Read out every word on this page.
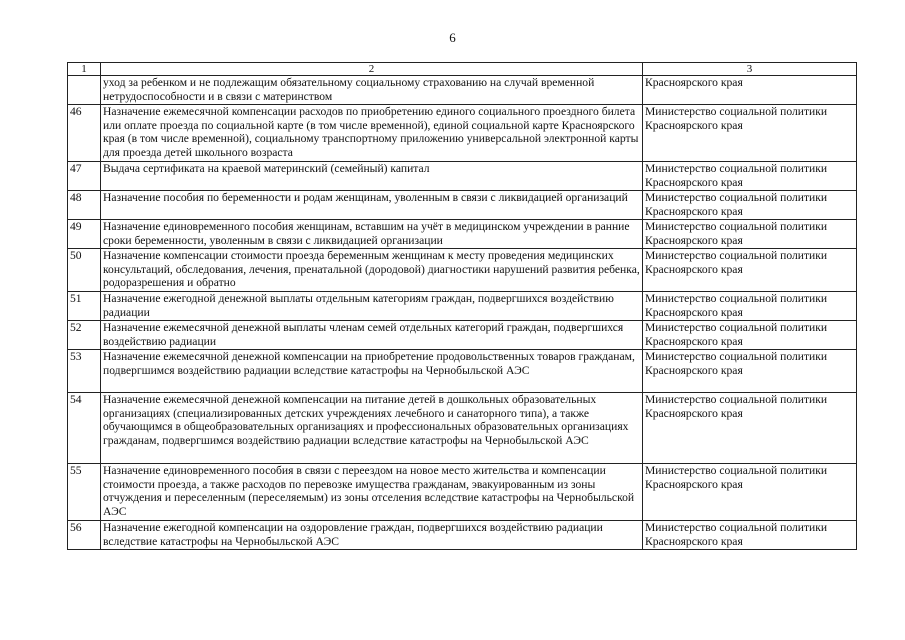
6
1	2	3
	уход за ребенком и не подлежащим обязательному социальному страхованию на случай временной нетрудоспособности и в связи с материнством	Красноярского края
46	Назначение ежемесячной компенсации расходов по приобретению единого социального проездного билета или оплате проезда по социальной карте (в том числе временной), единой социальной карте Красноярского края (в том числе временной), социальному транспортному приложению универсальной электронной карты для проезда детей школьного возраста	Министерство социальной политики Красноярского края
47	Выдача сертификата на краевой материнский (семейный) капитал	Министерство социальной политики Красноярского края
48	Назначение пособия по беременности и родам женщинам, уволенным в связи с ликвидацией организаций	Министерство социальной политики Красноярского края
49	Назначение единовременного пособия женщинам, вставшим на учёт в медицинском учреждении в ранние сроки беременности, уволенным в связи с ликвидацией организации	Министерство социальной политики Красноярского края
50	Назначение компенсации стоимости проезда беременным женщинам к месту проведения медицинских консультаций, обследования, лечения, пренатальной (дородовой) диагностики нарушений развития ребенка, родоразрешения и обратно	Министерство социальной политики Красноярского края
51	Назначение ежегодной денежной выплаты отдельным категориям граждан, подвергшихся воздействию радиации	Министерство социальной политики Красноярского края
52	Назначение ежемесячной денежной выплаты членам семей отдельных категорий граждан, подвергшихся воздействию радиации	Министерство социальной политики Красноярского края
53	Назначение ежемесячной денежной компенсации на приобретение продовольственных товаров гражданам, подвергшимся воздействию радиации вследствие катастрофы на Чернобыльской АЭС	Министерство социальной политики Красноярского края
54	Назначение ежемесячной денежной компенсации на питание детей в дошкольных образовательных организациях (специализированных детских учреждениях лечебного и санаторного типа), а также обучающимся в общеобразовательных организациях и профессиональных образовательных организациях гражданам, подвергшимся воздействию радиации вследствие катастрофы на Чернобыльской АЭС	Министерство социальной политики Красноярского края
55	Назначение единовременного пособия в связи с переездом на новое место жительства и компенсации стоимости проезда, а также расходов по перевозке имущества гражданам, эвакуированным из зоны отчуждения и переселенным (переселяемым) из зоны отселения вследствие катастрофы на Чернобыльской АЭС	Министерство социальной политики Красноярского края
56	Назначение ежегодной компенсации на оздоровление граждан, подвергшихся воздействию радиации вследствие катастрофы на Чернобыльской АЭС	Министерство социальной политики Красноярского края
